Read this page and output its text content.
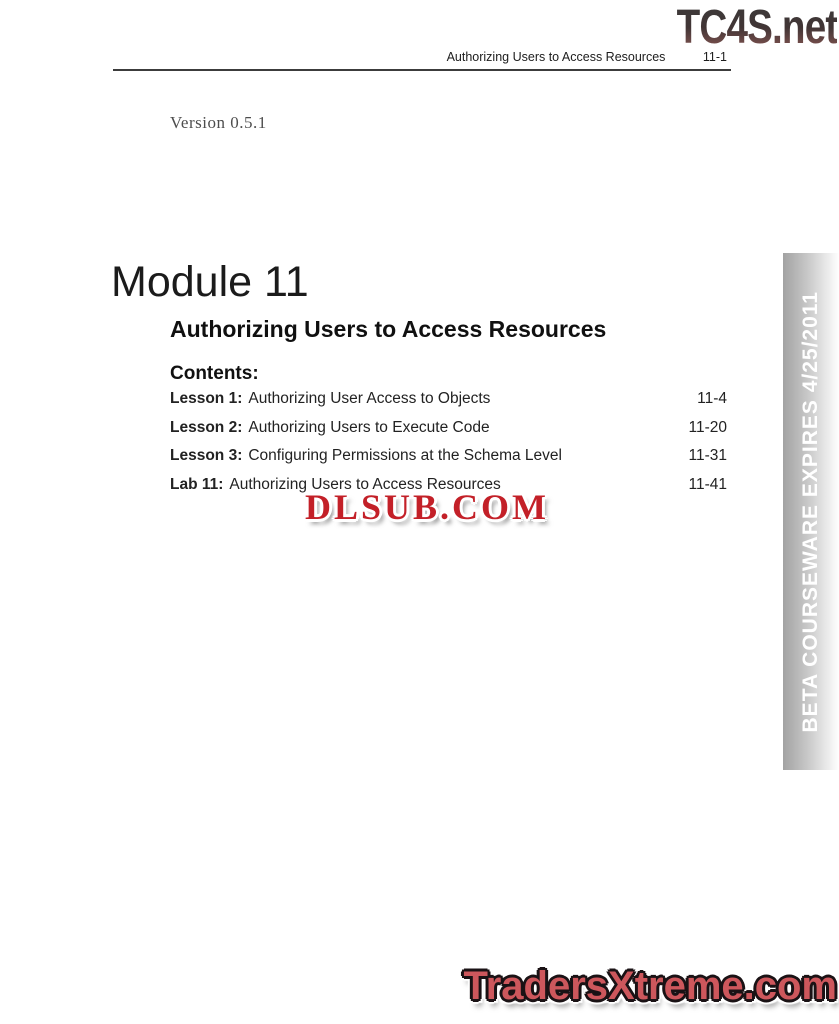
TC4S.net
Authorizing Users to Access Resources	11-1
Version 0.5.1
Module 11
Authorizing Users to Access Resources
Contents:
Lesson 1: Authorizing User Access to Objects	11-4
Lesson 2: Authorizing Users to Execute Code	11-20
Lesson 3: Configuring Permissions at the Schema Level	11-31
Lab 11: Authorizing Users to Access Resources	11-41
DLSUB.COM	BETA COURSEWARE EXPIRES 4/25/2011
TradersXtreme.com
